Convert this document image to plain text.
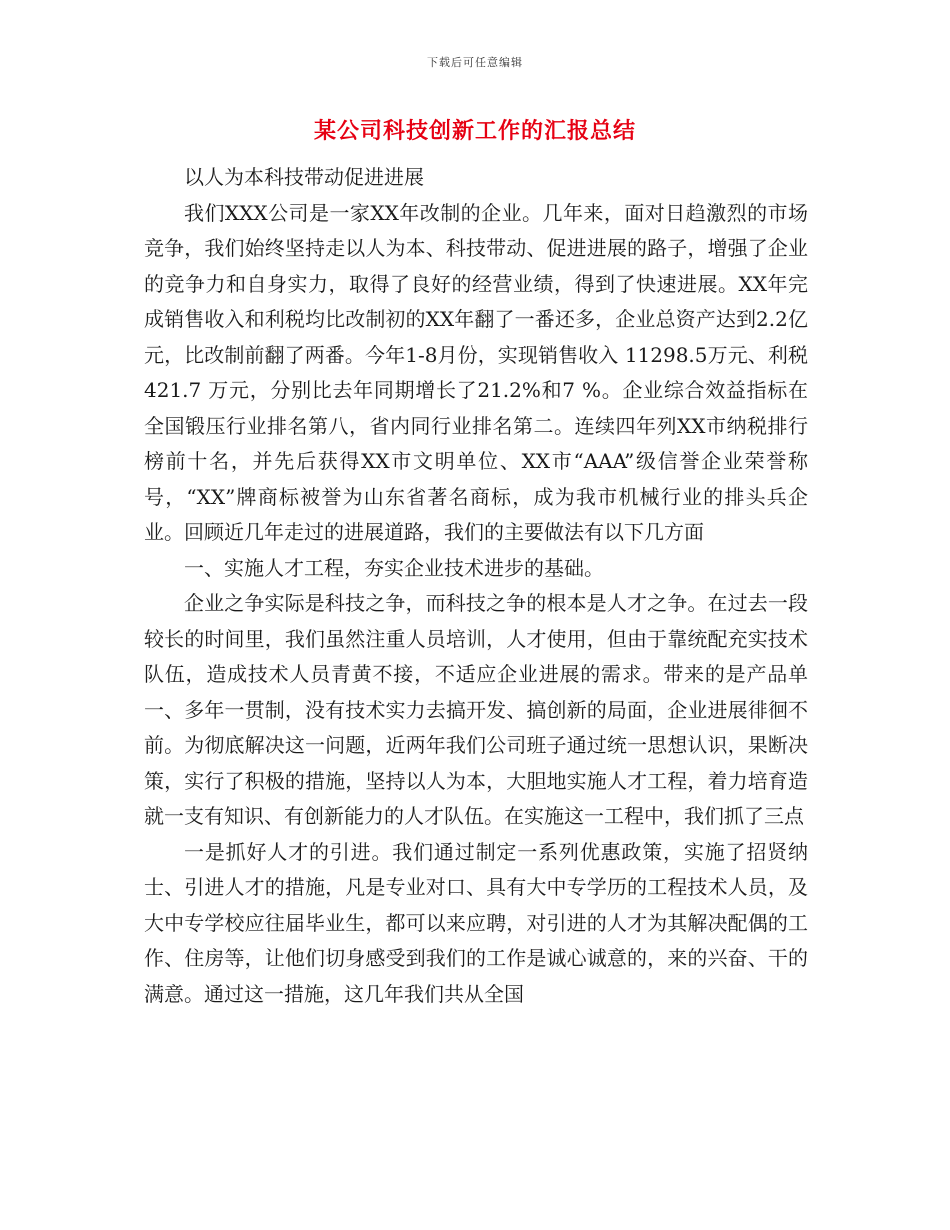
下载后可任意编辑
某公司科技创新工作的汇报总结

以人为本科技带动促进进展

我们XXX公司是一家XX年改制的企业。几年来，面对日趋激烈的市场竞争，我们始终坚持走以人为本、科技带动、促进进展的路子，增强了企业的竞争力和自身实力，取得了良好的经营业绩，得到了快速进展。XX年完成销售收入和利税均比改制初的XX年翻了一番还多，企业总资产达到2.2亿元，比改制前翻了两番。今年1-8月份，实现销售收入 11298.5万元、利税421.7 万元，分别比去年同期增长了21.2%和7 %。企业综合效益指标在全国锻压行业排名第八，省内同行业排名第二。连续四年列XX市纳税排行榜前十名，并先后获得XX市文明单位、XX市“AAA”级信誉企业荣誉称号，“XX”牌商标被誉为山东省著名商标，成为我市机械行业的排头兵企业。回顾近几年走过的进展道路，我们的主要做法有以下几方面

一、实施人才工程，夯实企业技术进步的基础。

企业之争实际是科技之争，而科技之争的根本是人才之争。在过去一段较长的时间里，我们虽然注重人员培训，人才使用，但由于靠统配充实技术队伍，造成技术人员青黄不接，不适应企业进展的需求。带来的是产品单一、多年一贯制，没有技术实力去搞开发、搞创新的局面，企业进展徘徊不前。为彻底解决这一问题，近两年我们公司班子通过统一思想认识，果断决策，实行了积极的措施，坚持以人为本，大胆地实施人才工程，着力培育造就一支有知识、有创新能力的人才队伍。在实施这一工程中，我们抓了三点

一是抓好人才的引进。我们通过制定一系列优惠政策，实施了招贤纳士、引进人才的措施，凡是专业对口、具有大中专学历的工程技术人员，及大中专学校应往届毕业生，都可以来应聘，对引进的人才为其解决配偶的工作、住房等，让他们切身感受到我们的工作是诚心诚意的，来的兴奋、干的满意。通过这一措施，这几年我们共从全国
